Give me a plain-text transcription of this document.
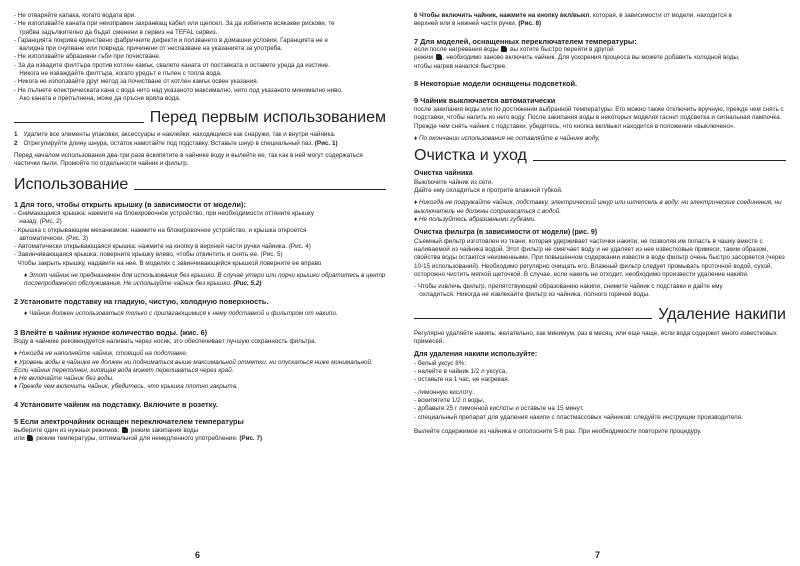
- Не отваряйте капака, когато водата ври.

- Не използвайте каната при неизправен захранващ кабел или щепсел. За да избегнете всякакви рискове, те

трябва задължително да бъдат сменени в сервиз на TEFAL сервиз.

- Гаранцията покрива единствено фабричните дефекти и ползването в домашни условия. Гаранцията не е

валидна при счупване или повреда, причинени от неспазване на указанията за употреба.

- Не използвайте абразивни гъби при почистване.

- За да извадите филтъра против котлен камък, свалете каната от поставката и оставете уреда да изстине.

Никога не изваждайте филтъра, когато уредът е пълен с топла вода.

- Никога не използвайте друг метод за почистване от котлен камък освен указания.

- Не пълнете електрическата кана с вода нито над указаното максимално, нито под указаното минимално ниво.

Ако каната е препълнена, може да пръсне вряла вода.

Перед первым использованием

1 Удалите все элементы упаковки, аксессуары и наклейки, находящиеся как снаружи, так и внутри чайника.

2 Отрегулируйте длину шнура, остаток намотайте под подставку. Вставьте шнур в специальный паз. (Рис. 1)

Перед началом использования два-три раза вскипятите в чайнике воду и вылейте ее, так как в ней могут содержаться частички пыли. Промойте по отдельности чайник и фильтр.

Использование

1 Для того, чтобы открыть крышку (в зависимости от модели):

- Снимающаяся крышка: нажмите на блокировочное устройство, при необходимости оттяните крышку

назад. (Рис. 2)

- Крышка с открывающим механизмом: нажмите на блокировочное устройство, и крышка откроется

автоматически. (Рис. 3)

- Автоматически открывающаяся крышка: нажмите на кнопку в верхней части ручки чайника. (Рис. 4)

- Завинчивающаяся крышка: поверните крышку влево, чтобы отвинтить и снять ее. (Рис. 5)

Чтобы закрыть крышку, надавите на нее. В моделях с завинчивающейся крышкой поверните ее вправо

♦ Этот чайник не предназначен для использования без крышки. В случае утери или порчи крышки обратитесь в центр послепродажного обслуживания. Не используйте чайник без крышки. (Рис. 5.2)

2 Установите подставку на гладкую, чистую, холодную поверхность.

♦ Чайник должен использоваться только с прилагающимися к нему подставкой и фильтром от накипи.

3 Влейте в чайник нужное количество воды. (жис. 6)

Воду в чайнике рекомендуется наливать через носик, это обеспечивает лучшую сохранность фильтра.

♦ Никогда не наполняйте чайник, стоящий на подставке.
♦ Уровень воды в чайнике не должен ни подниматься выше максимальной отметки, ни опускаться ниже минимальной. Если чайник переполнен, кипящая вода может переливаться через край.
♦ Не включайте чайник без воды.
♦ Прежде чем включить чайник, убедитесь, что крышка плотно закрыта.

4 Установите чайник на подставку. Включите в розетку.

5 Если электрочайник оснащен переключателем температуры

выберите один из нужных режимов: режим закипания воды

или режим температуры, оптимальной для немедленного употребления. (Рис. 7)

6

6 Чтобы включить чайник, нажмите на кнопку вкл/выкл, которая, в зависимости от модели, находится в

верхней или в нижней части ручки. (Рис. 8)

7 Для моделей, оснащенных переключателем температуры:

если после нагревания воды вы хотите быстро перейти в другой

режим , необходимо заново включить чайник. Для ускорения процесса вы можете добавить холодной воды,

чтобы нагрев начался быстрее.

8 Некоторые модели оснащены подсветкой.

9 Чайник выключается автоматически

после закипания воды или по достижении выбранной температуры. Его можно также отключить вручную, прежде чем снять с подставки, чтобы налить из него воду. После закипания воды в некоторых моделях гаснет подсветка и сигнальная лампочка. Прежде чем снять чайник с подставки, убедитесь, что кнопка вкл/выкл находится в положении «выключено».

♦ По окончании использования не оставляйте в чайнике воду.

Очистка и уход

Очистка чайника

Выключите чайник из сети.

Дайте ему охладиться и протрите влажной губкой.

♦ Никогда не погружайте чайник, подставку, электрический шнур или штепсель в воду: ни электрические соединения, ни выключатель не должны соприкасаться с водой.
♦ Не пользуйтесь абразивными губками.

Очистка фильтра (в зависимости от модели) (рис. 9)

Съемный фильтр изготовлен из ткани, которая удерживает частички накипи, не позволяя им попасть в чашку вместе с наливаемой из чайника водой. Этот фильтр не смягчает воду и не удаляет из нее известковые примеси, таким образом, свойства воды остаются неизменными. При повышенном содержании извести в воде фильтр очень быстро засоряется (через 10-15 использований). Необходимо регулярно очищать его. Влажный фильтр следует промывать проточной водой, сухой, осторожно чистить мягкой щеточкой. В случае, если накипь не отходит, необходимо произвести удаление накипи.

- Чтобы извлечь фильтр, препятствующий образованию накипи, снимите чайник с подставки и дайте ему

охладиться. Никогда не извлекайте фильтр из чайника, полного горячей воды.

Удаление накипи

Регулярно удаляйте накипь: желательно, как минимум, раз в месяц, или еще чаще, если вода содержит много известковых примесей.

Для удаления накипи используйте:

- белый уксус 8%:

- налейте в чайник 1/2 л уксуса,

- оставьте на 1 час, не нагревая.

- лимонную кислоту:

- вскипятите 1/2 л воды,

- добавьте 25 г лимонной кислоты и оставьте на 15 минут.

- специальный препарат для удаления накипи с пластмассовых чайников: следуйте инструкции производителя.

Вылейте содержимое из чайника и ополосните 5-6 раз. При необходимости повторите процедуру.

7
